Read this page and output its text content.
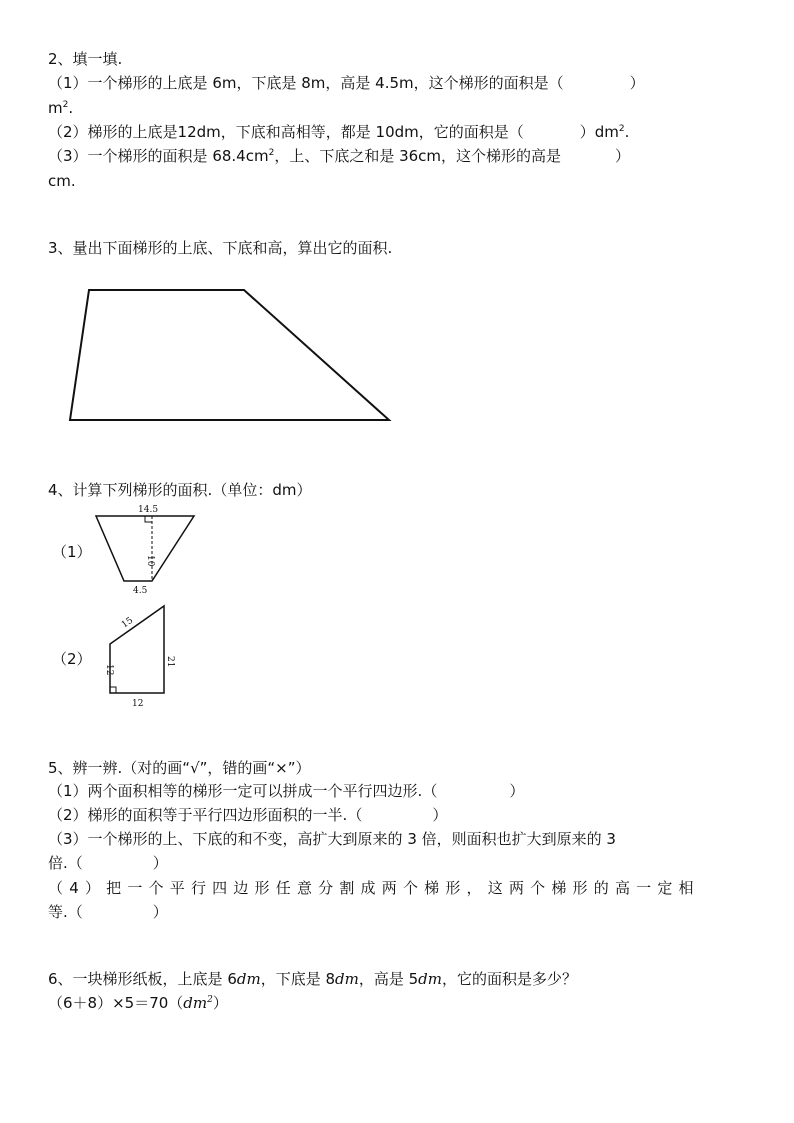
2、填一填.
（1）一个梯形的上底是 6m，下底是 8m，高是 4.5m，这个梯形的面积是（	）
$m^2$.
（2）梯形的上底是12dm，下底和高相等，都是 10dm，它的面积是（	）$dm^2$.
（3）一个梯形的面积是 $68.4cm^2$，上、下底之和是 36cm，这个梯形的高是	）
cm.
3、量出下面梯形的上底、下底和高，算出它的面积.
4、计算下列梯形的面积.（单位：dm）
（1）
14.5
10
4.5
（2）
15
12
21
12
5、辨一辨.（对的画“√”，错的画“×”）
（1）两个面积相等的梯形一定可以拼成一个平行四边形.（	）
（2）梯形的面积等于平行四边形面积的一半.（	）
（3）一个梯形的上、下底的和不变，高扩大到原来的 3 倍，则面积也扩大到原来的 3
倍.（	）
（4）把一个平行四边形任意分割成两个梯形，这两个梯形的高一定相
等.（	）
6、一块梯形纸板，上底是 6dm，下底是 8dm，高是 5dm，它的面积是多少？
$(6+8)\times 5=70(dm^2)$
